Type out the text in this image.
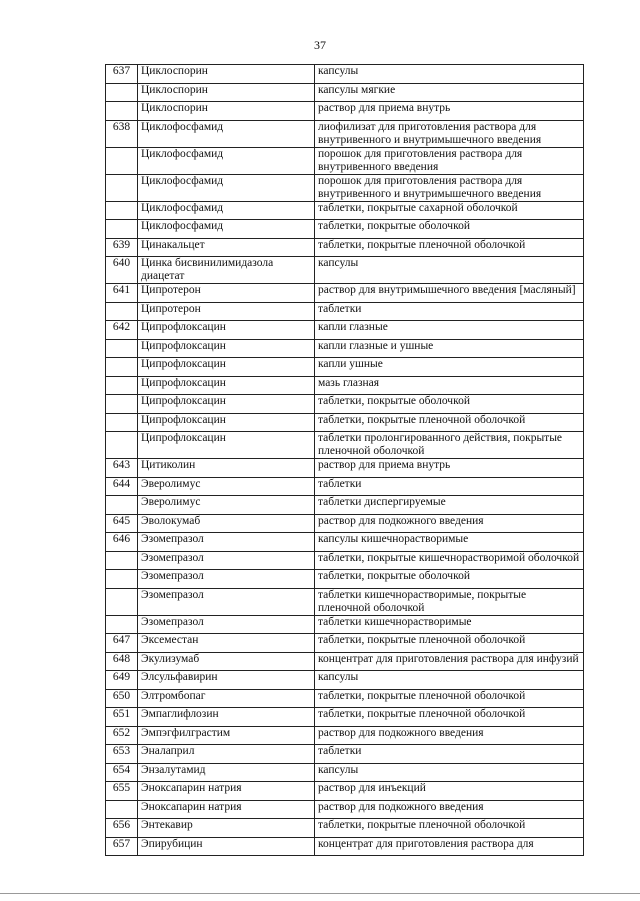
37
637	Циклоспорин	капсулы
	Циклоспорин	капсулы мягкие
	Циклоспорин	раствор для приема внутрь
638	Циклофосфамид	лиофилизат для приготовления раствора для внутривенного и внутримышечного введения
	Циклофосфамид	порошок для приготовления раствора для внутривенного введения
	Циклофосфамид	порошок для приготовления раствора для внутривенного и внутримышечного введения
	Циклофосфамид	таблетки, покрытые сахарной оболочкой
	Циклофосфамид	таблетки, покрытые оболочкой
639	Цинакальцет	таблетки, покрытые пленочной оболочкой
640	Цинка бисвинилимидазола диацетат	капсулы
641	Ципротерон	раствор для внутримышечного введения [масляный]
	Ципротерон	таблетки
642	Ципрофлоксацин	капли глазные
	Ципрофлоксацин	капли глазные и ушные
	Ципрофлоксацин	капли ушные
	Ципрофлоксацин	мазь глазная
	Ципрофлоксацин	таблетки, покрытые оболочкой
	Ципрофлоксацин	таблетки, покрытые пленочной оболочкой
	Ципрофлоксацин	таблетки пролонгированного действия, покрытые пленочной оболочкой
643	Цитиколин	раствор для приема внутрь
644	Эверолимус	таблетки
	Эверолимус	таблетки диспергируемые
645	Эволокумаб	раствор для подкожного введения
646	Эзомепразол	капсулы кишечнорастворимые
	Эзомепразол	таблетки, покрытые кишечнорастворимой оболочкой
	Эзомепразол	таблетки, покрытые оболочкой
	Эзомепразол	таблетки кишечнорастворимые, покрытые пленочной оболочкой
	Эзомепразол	таблетки кишечнорастворимые
647	Эксеместан	таблетки, покрытые пленочной оболочкой
648	Экулизумаб	концентрат для приготовления раствора для инфузий
649	Элсульфавирин	капсулы
650	Элтромбопаг	таблетки, покрытые пленочной оболочкой
651	Эмпаглифлозин	таблетки, покрытые пленочной оболочкой
652	Эмпэгфилграстим	раствор для подкожного введения
653	Эналаприл	таблетки
654	Энзалутамид	капсулы
655	Эноксапарин натрия	раствор для инъекций
	Эноксапарин натрия	раствор для подкожного введения
656	Энтекавир	таблетки, покрытые пленочной оболочкой
657	Эпирубицин	концентрат для приготовления раствора для
